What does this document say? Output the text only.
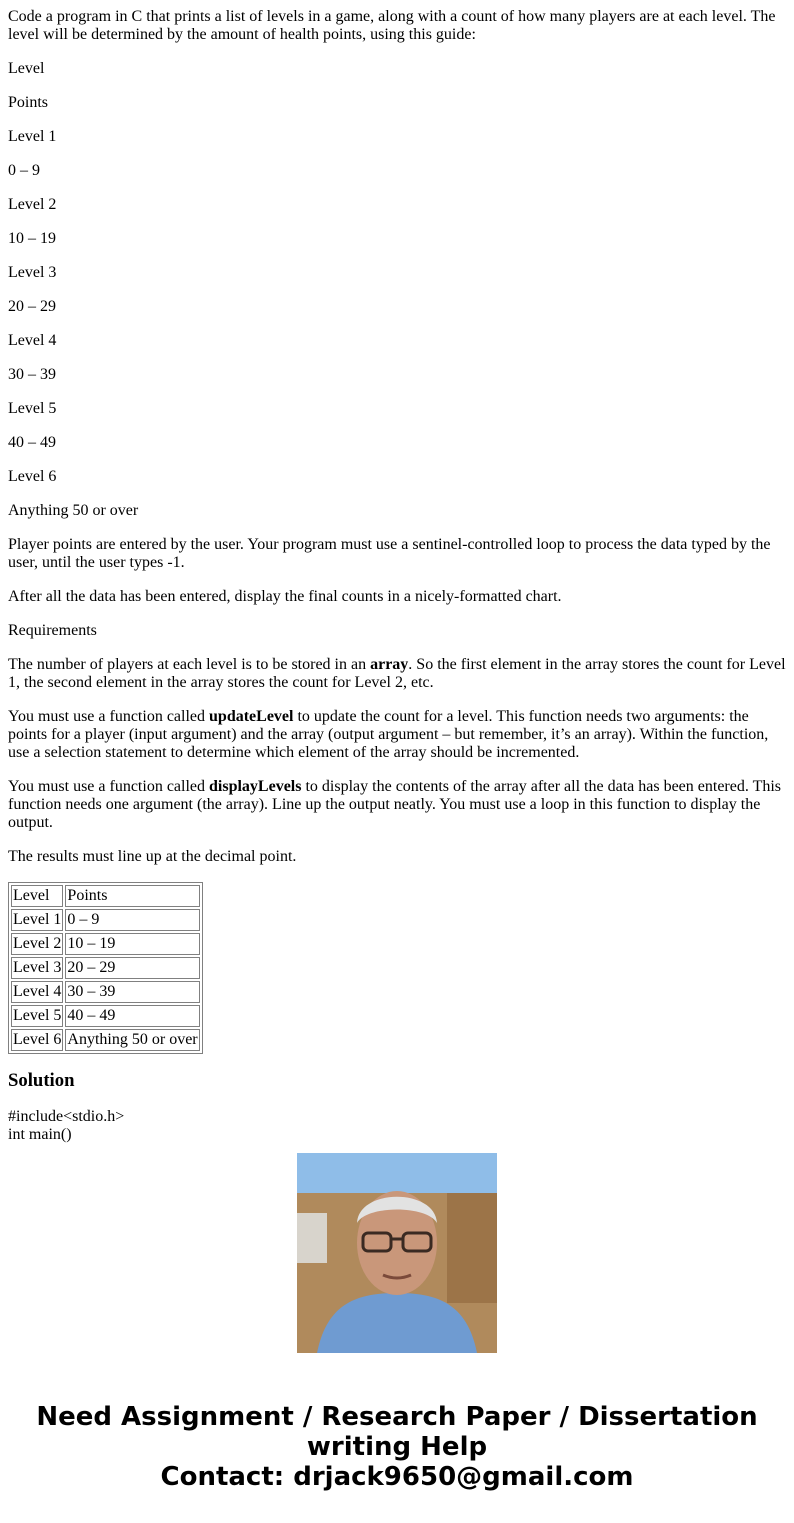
Code a program in C that prints a list of levels in a game, along with a count of how many players are at each level. The level will be determined by the amount of health points, using this guide:

Level

Points

Level 1

0 – 9

Level 2

10 – 19

Level 3

20 – 29

Level 4

30 – 39

Level 5

40 – 49

Level 6

Anything 50 or over

Player points are entered by the user. Your program must use a sentinel-controlled loop to process the data typed by the user, until the user types -1.

After all the data has been entered, display the final counts in a nicely-formatted chart.

Requirements

The number of players at each level is to be stored in an array. So the first element in the array stores the count for Level 1, the second element in the array stores the count for Level 2, etc.

You must use a function called updateLevel to update the count for a level. This function needs two arguments: the points for a player (input argument) and the array (output argument – but remember, it’s an array). Within the function, use a selection statement to determine which element of the array should be incremented.

You must use a function called displayLevels to display the contents of the array after all the data has been entered. This function needs one argument (the array). Line up the output neatly. You must use a loop in this function to display the output.

The results must line up at the decimal point.

Level	Points
Level 1	0 – 9
Level 2	10 – 19
Level 3	20 – 29
Level 4	30 – 39
Level 5	40 – 49
Level 6	Anything 50 or over
Solution
#include<stdio.h>
int main()
Need Assignment / Research Paper / Dissertation
writing Help
Contact: drjack9650@gmail.com
